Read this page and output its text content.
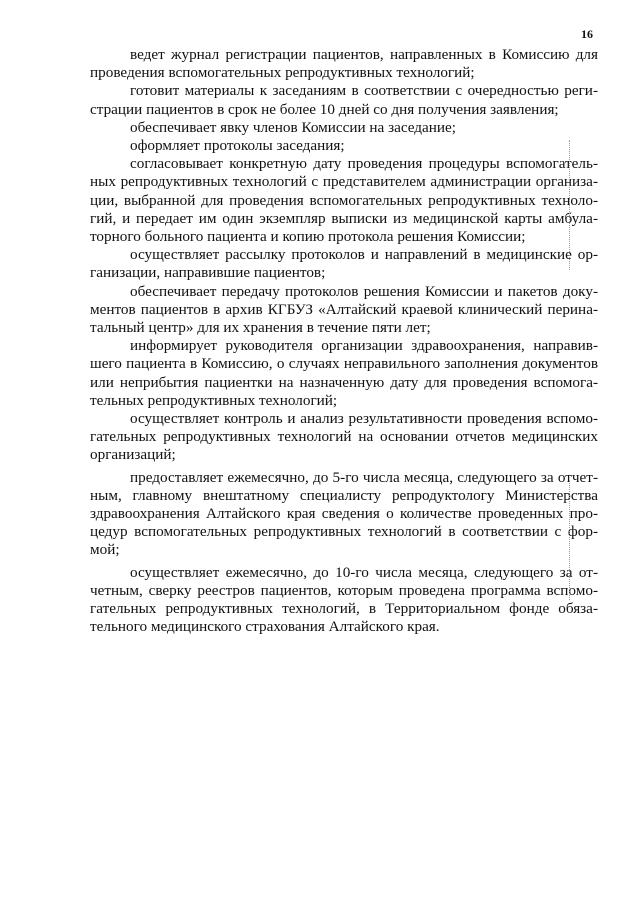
16

ведет журнал регистрации пациентов, направленных в Комиссию для проведения вспомогательных репродуктивных технологий;

готовит материалы к заседаниям в соответствии с очередностью регистрации пациентов в срок не более 10 дней со дня получения заявления;

обеспечивает явку членов Комиссии на заседание;

оформляет протоколы заседания;

согласовывает конкретную дату проведения процедуры вспомогательных репродуктивных технологий с представителем администрации организации, выбранной для проведения вспомогательных репродуктивных технологий, и передает им один экземпляр выписки из медицинской карты амбулаторного больного пациента и копию протокола решения Комиссии;

осуществляет рассылку протоколов и направлений в медицинские организации, направившие пациентов;

обеспечивает передачу протоколов решения Комиссии и пакетов документов пациентов в архив КГБУЗ «Алтайский краевой клинический перинатальный центр» для их хранения в течение пяти лет;

информирует руководителя организации здравоохранения, направившего пациента в Комиссию, о случаях неправильного заполнения документов или неприбытия пациентки на назначенную дату для проведения вспомогательных репродуктивных технологий;

осуществляет контроль и анализ результативности проведения вспомогательных репродуктивных технологий на основании отчетов медицинских организаций;

предоставляет ежемесячно, до 5-го числа месяца, следующего за отчетным, главному внештатному специалисту репродуктологу Министерства здравоохранения Алтайского края сведения о количестве проведенных процедур вспомогательных репродуктивных технологий в соответствии с формой;

осуществляет ежемесячно, до 10-го числа месяца, следующего за отчетным, сверку реестров пациентов, которым проведена программа вспомогательных репродуктивных технологий, в Территориальном фонде обязательного медицинского страхования Алтайского края.
